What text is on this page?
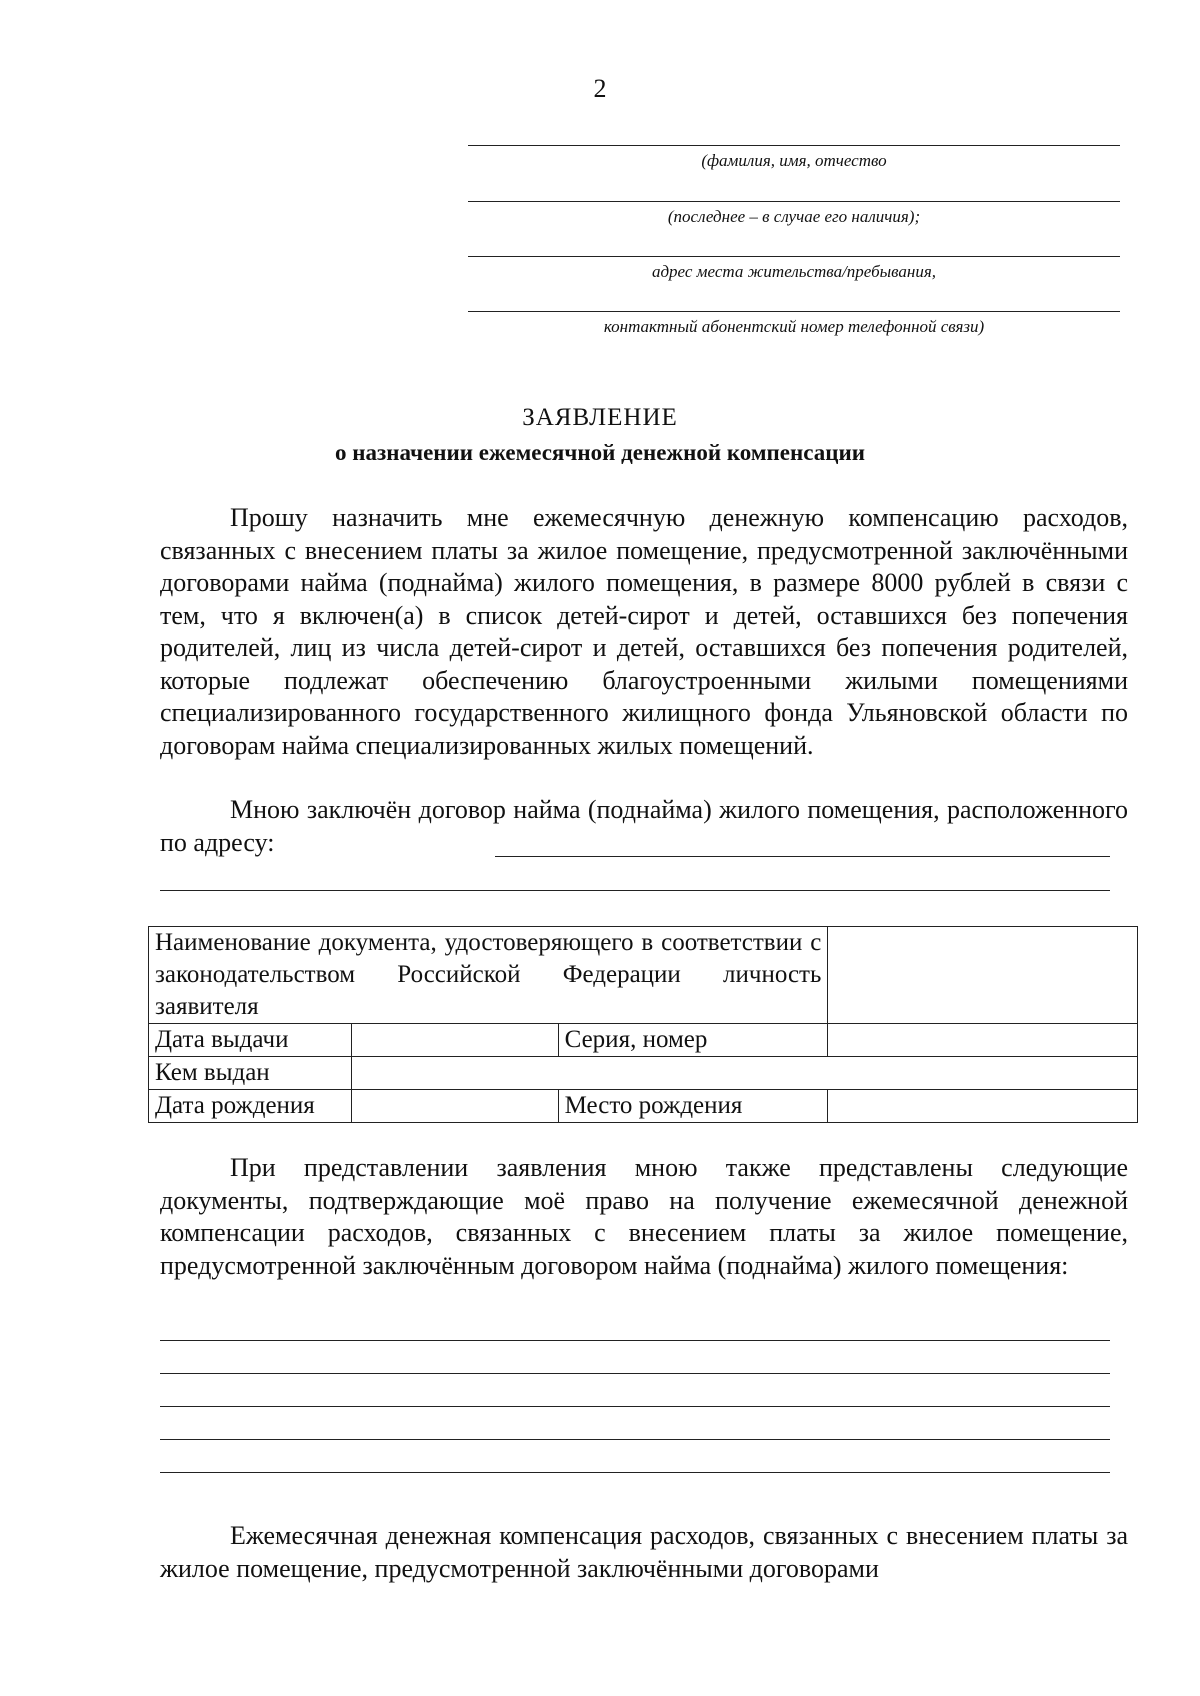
2
(фамилия, имя, отчество
(последнее – в случае его наличия);
адрес места жительства/пребывания,
контактный абонентский номер телефонной связи)
ЗАЯВЛЕНИЕ
о назначении ежемесячной денежной компенсации

Прошу назначить мне ежемесячную денежную компенсацию расходов, связанных с внесением платы за жилое помещение, предусмотренной заключёнными договорами найма (поднайма) жилого помещения, в размере 8000 рублей в связи с тем, что я включен(а) в список детей-сирот и детей, оставшихся без попечения родителей, лиц из числа детей-сирот и детей, оставшихся без попечения родителей, которые подлежат обеспечению благоустроенными жилыми помещениями специализированного государственного жилищного фонда Ульяновской области по договорам найма специализированных жилых помещений.

Мною заключён договор найма (поднайма) жилого помещения, расположенного по адресу:

Наименование документа, удостоверяющего в соответствии с законодательством Российской Федерации личность заявителя			
Дата выдачи		Серия, номер	
Кем выдан			
Дата рождения		Место рождения	

При представлении заявления мною также представлены следующие документы, подтверждающие моё право на получение ежемесячной денежной компенсации расходов, связанных с внесением платы за жилое помещение, предусмотренной заключённым договором найма (поднайма) жилого помещения:

Ежемесячная денежная компенсация расходов, связанных с внесением платы за жилое помещение, предусмотренной заключёнными договорами
